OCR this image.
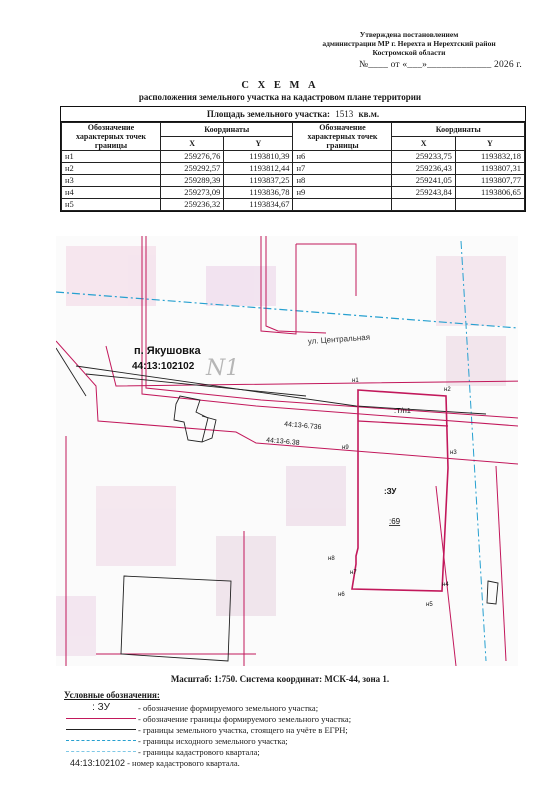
Утверждена постановлением
администрации МР г. Нерехта и Нерехтский район
Костромской области
№____ от «___»_____________ 2026 г.
С Х Е М А
расположения земельного участка на кадастровом плане территории
Площадь земельного участка: 1513 кв.м.
Обозначение характерных точек границы	Координаты		Обозначение характерных точек границы	Координаты	
	X	Y		X	Y
н1	259276,76	1193810,39	н6	259233,75	1193832,18
н2	259292,57	1193812,44	н7	259236,43	1193807,31
н3	259289,39	1193837,25	н8	259241,05	1193807,77
н4	259273,09	1193836,78	н9	259243,84	1193806,65
н5	259236,32	1193834,67			
н1
н2
н3
н4
н5
н6
н7
н8
н9
п. Якушовка
44:13:102102 N1
ул. Центральная
44:13-6.736
44:13-6.38
:Т/п1
:ЗУ
:69
Масштаб: 1:750. Система координат: МСК-44, зона 1.
Условные обозначения:
: ЗУ	- обозначение формируемого земельного участка;
- обозначение границы формируемого земельного участка;
- границы земельного участка, стоящего на учёте в ЕГРН;
- границы исходного земельного участка;
- границы кадастрового квартала;
44:13:102102 - номер кадастрового квартала.
